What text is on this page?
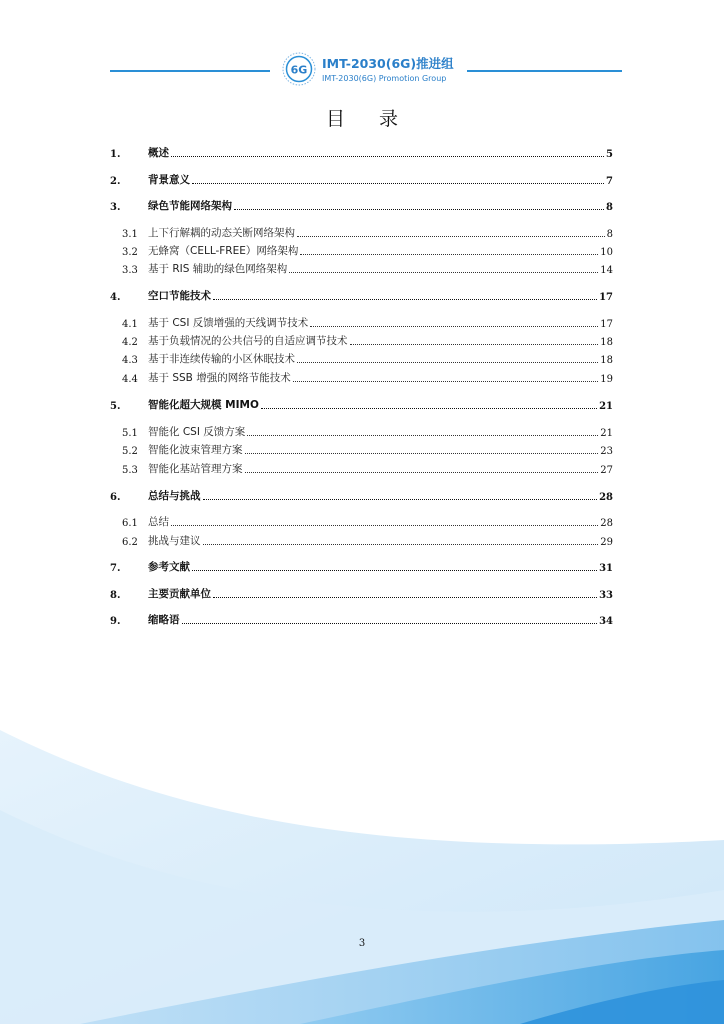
6G IMT-2030(6G)推进组
IMT-2030(6G) Promotion Group
目 录
1.	概述	5
2.	背景意义	7
3.	绿色节能网络架构	8
3.1 上下行解耦的动态关断网络架构	8
3.2 无蜂窝（CELL-FREE）网络架构	10
3.3 基于 RIS 辅助的绿色网络架构	14
4.	空口节能技术	17
4.1 基于 CSI 反馈增强的天线调节技术	17
4.2 基于负载情况的公共信号的自适应调节技术	18
4.3 基于非连续传输的小区休眠技术	18
4.4 基于 SSB 增强的网络节能技术	19
5.	智能化超大规模 MIMO	21
5.1 智能化 CSI 反馈方案	21
5.2 智能化波束管理方案	23
5.3 智能化基站管理方案	27
6.	总结与挑战	28
6.1 总结	28
6.2 挑战与建议	29
7.	参考文献	31
8.	主要贡献单位	33
9.	缩略语	34
3
